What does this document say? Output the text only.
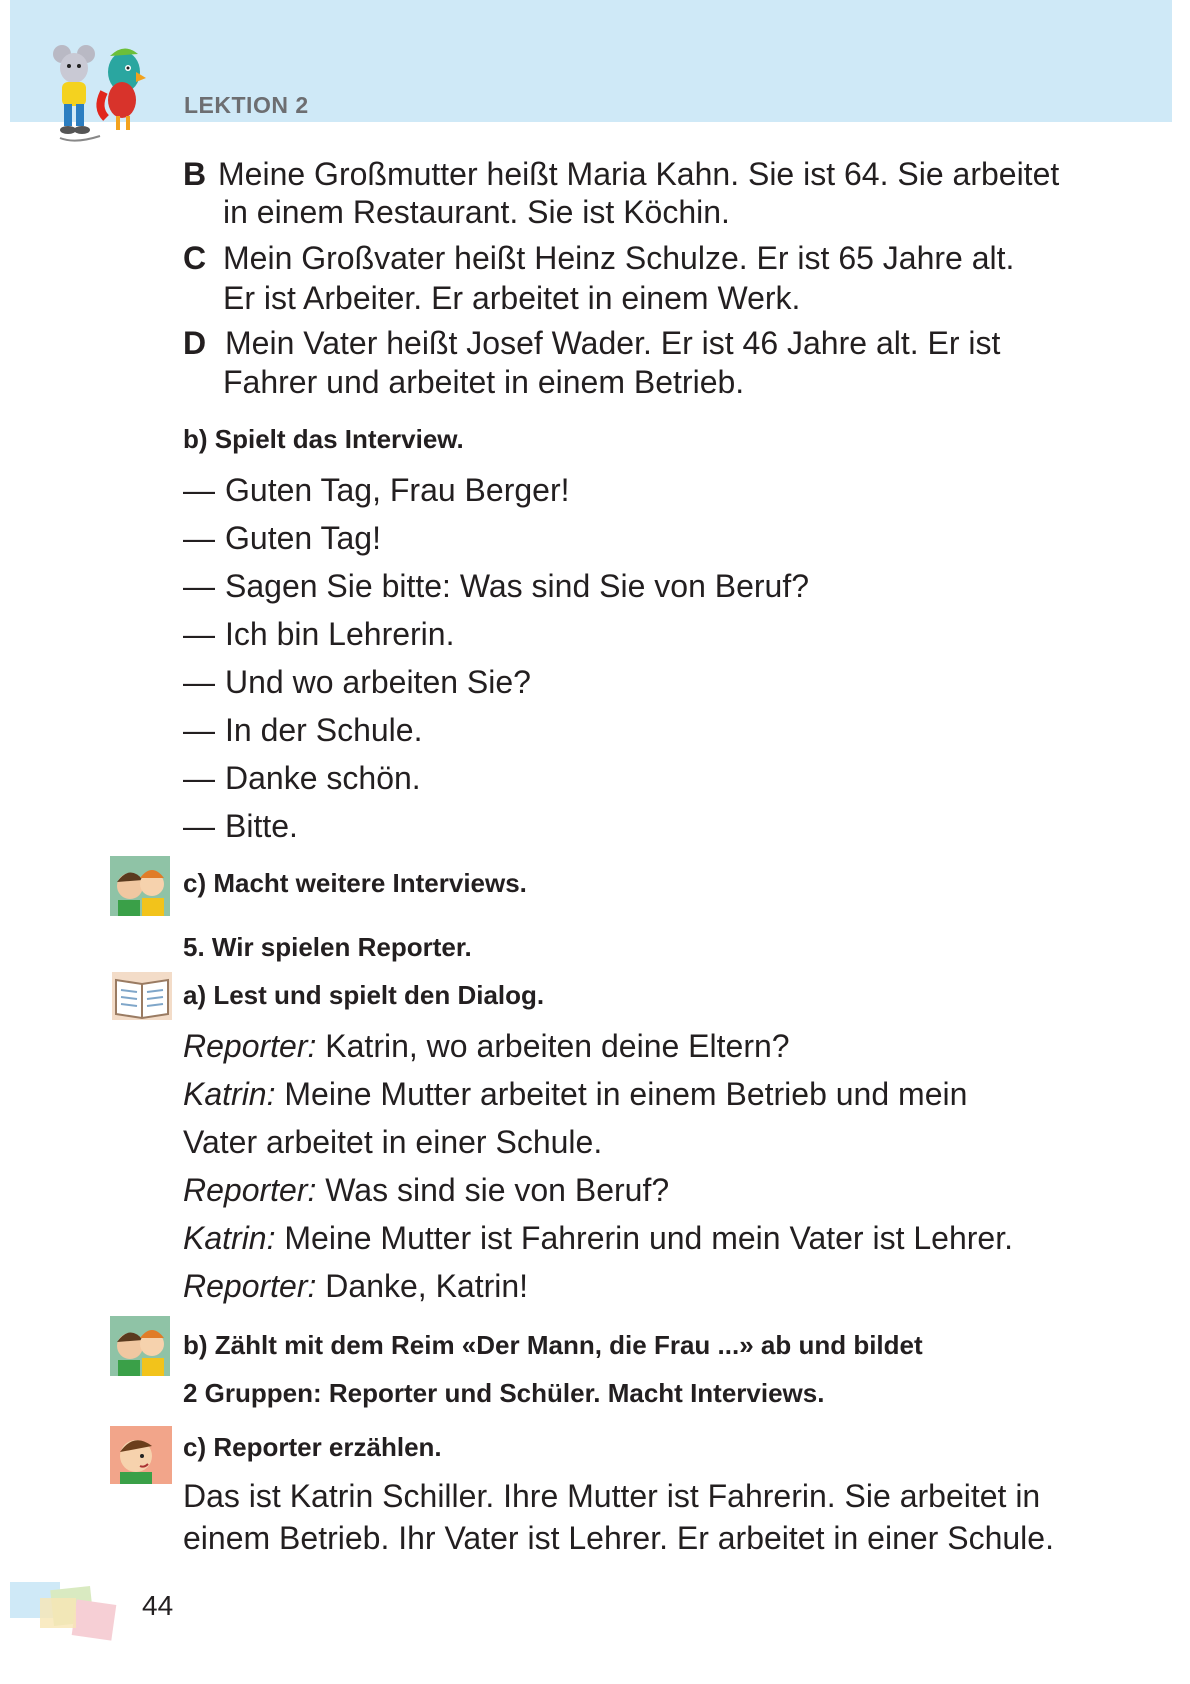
LEKTION 2
B Meine Großmutter heißt Maria Kahn. Sie ist 64. Sie arbeitet
in einem Restaurant. Sie ist Köchin.
C Mein Großvater heißt Heinz Schulze. Er ist 65 Jahre alt.
Er ist Arbeiter. Er arbeitet in einem Werk.
D Mein Vater heißt Josef Wader. Er ist 46 Jahre alt. Er ist
Fahrer und arbeitet in einem Betrieb.
b) Spielt das Interview.
— Guten Tag, Frau Berger!
— Guten Tag!
— Sagen Sie bitte: Was sind Sie von Beruf?
— Ich bin Lehrerin.
— Und wo arbeiten Sie?
— In der Schule.
— Danke schön.
— Bitte.
c) Macht weitere Interviews.
5. Wir spielen Reporter.
a) Lest und spielt den Dialog.
Reporter: Katrin, wo arbeiten deine Eltern?
Katrin: Meine Mutter arbeitet in einem Betrieb und mein
Vater arbeitet in einer Schule.
Reporter: Was sind sie von Beruf?
Katrin: Meine Mutter ist Fahrerin und mein Vater ist Lehrer.
Reporter: Danke, Katrin!
b) Zählt mit dem Reim «Der Mann, die Frau ...» ab und bildet
2 Gruppen: Reporter und Schüler. Macht Interviews.
c) Reporter erzählen.
Das ist Katrin Schiller. Ihre Mutter ist Fahrerin. Sie arbeitet in
einem Betrieb. Ihr Vater ist Lehrer. Er arbeitet in einer Schule.
44
